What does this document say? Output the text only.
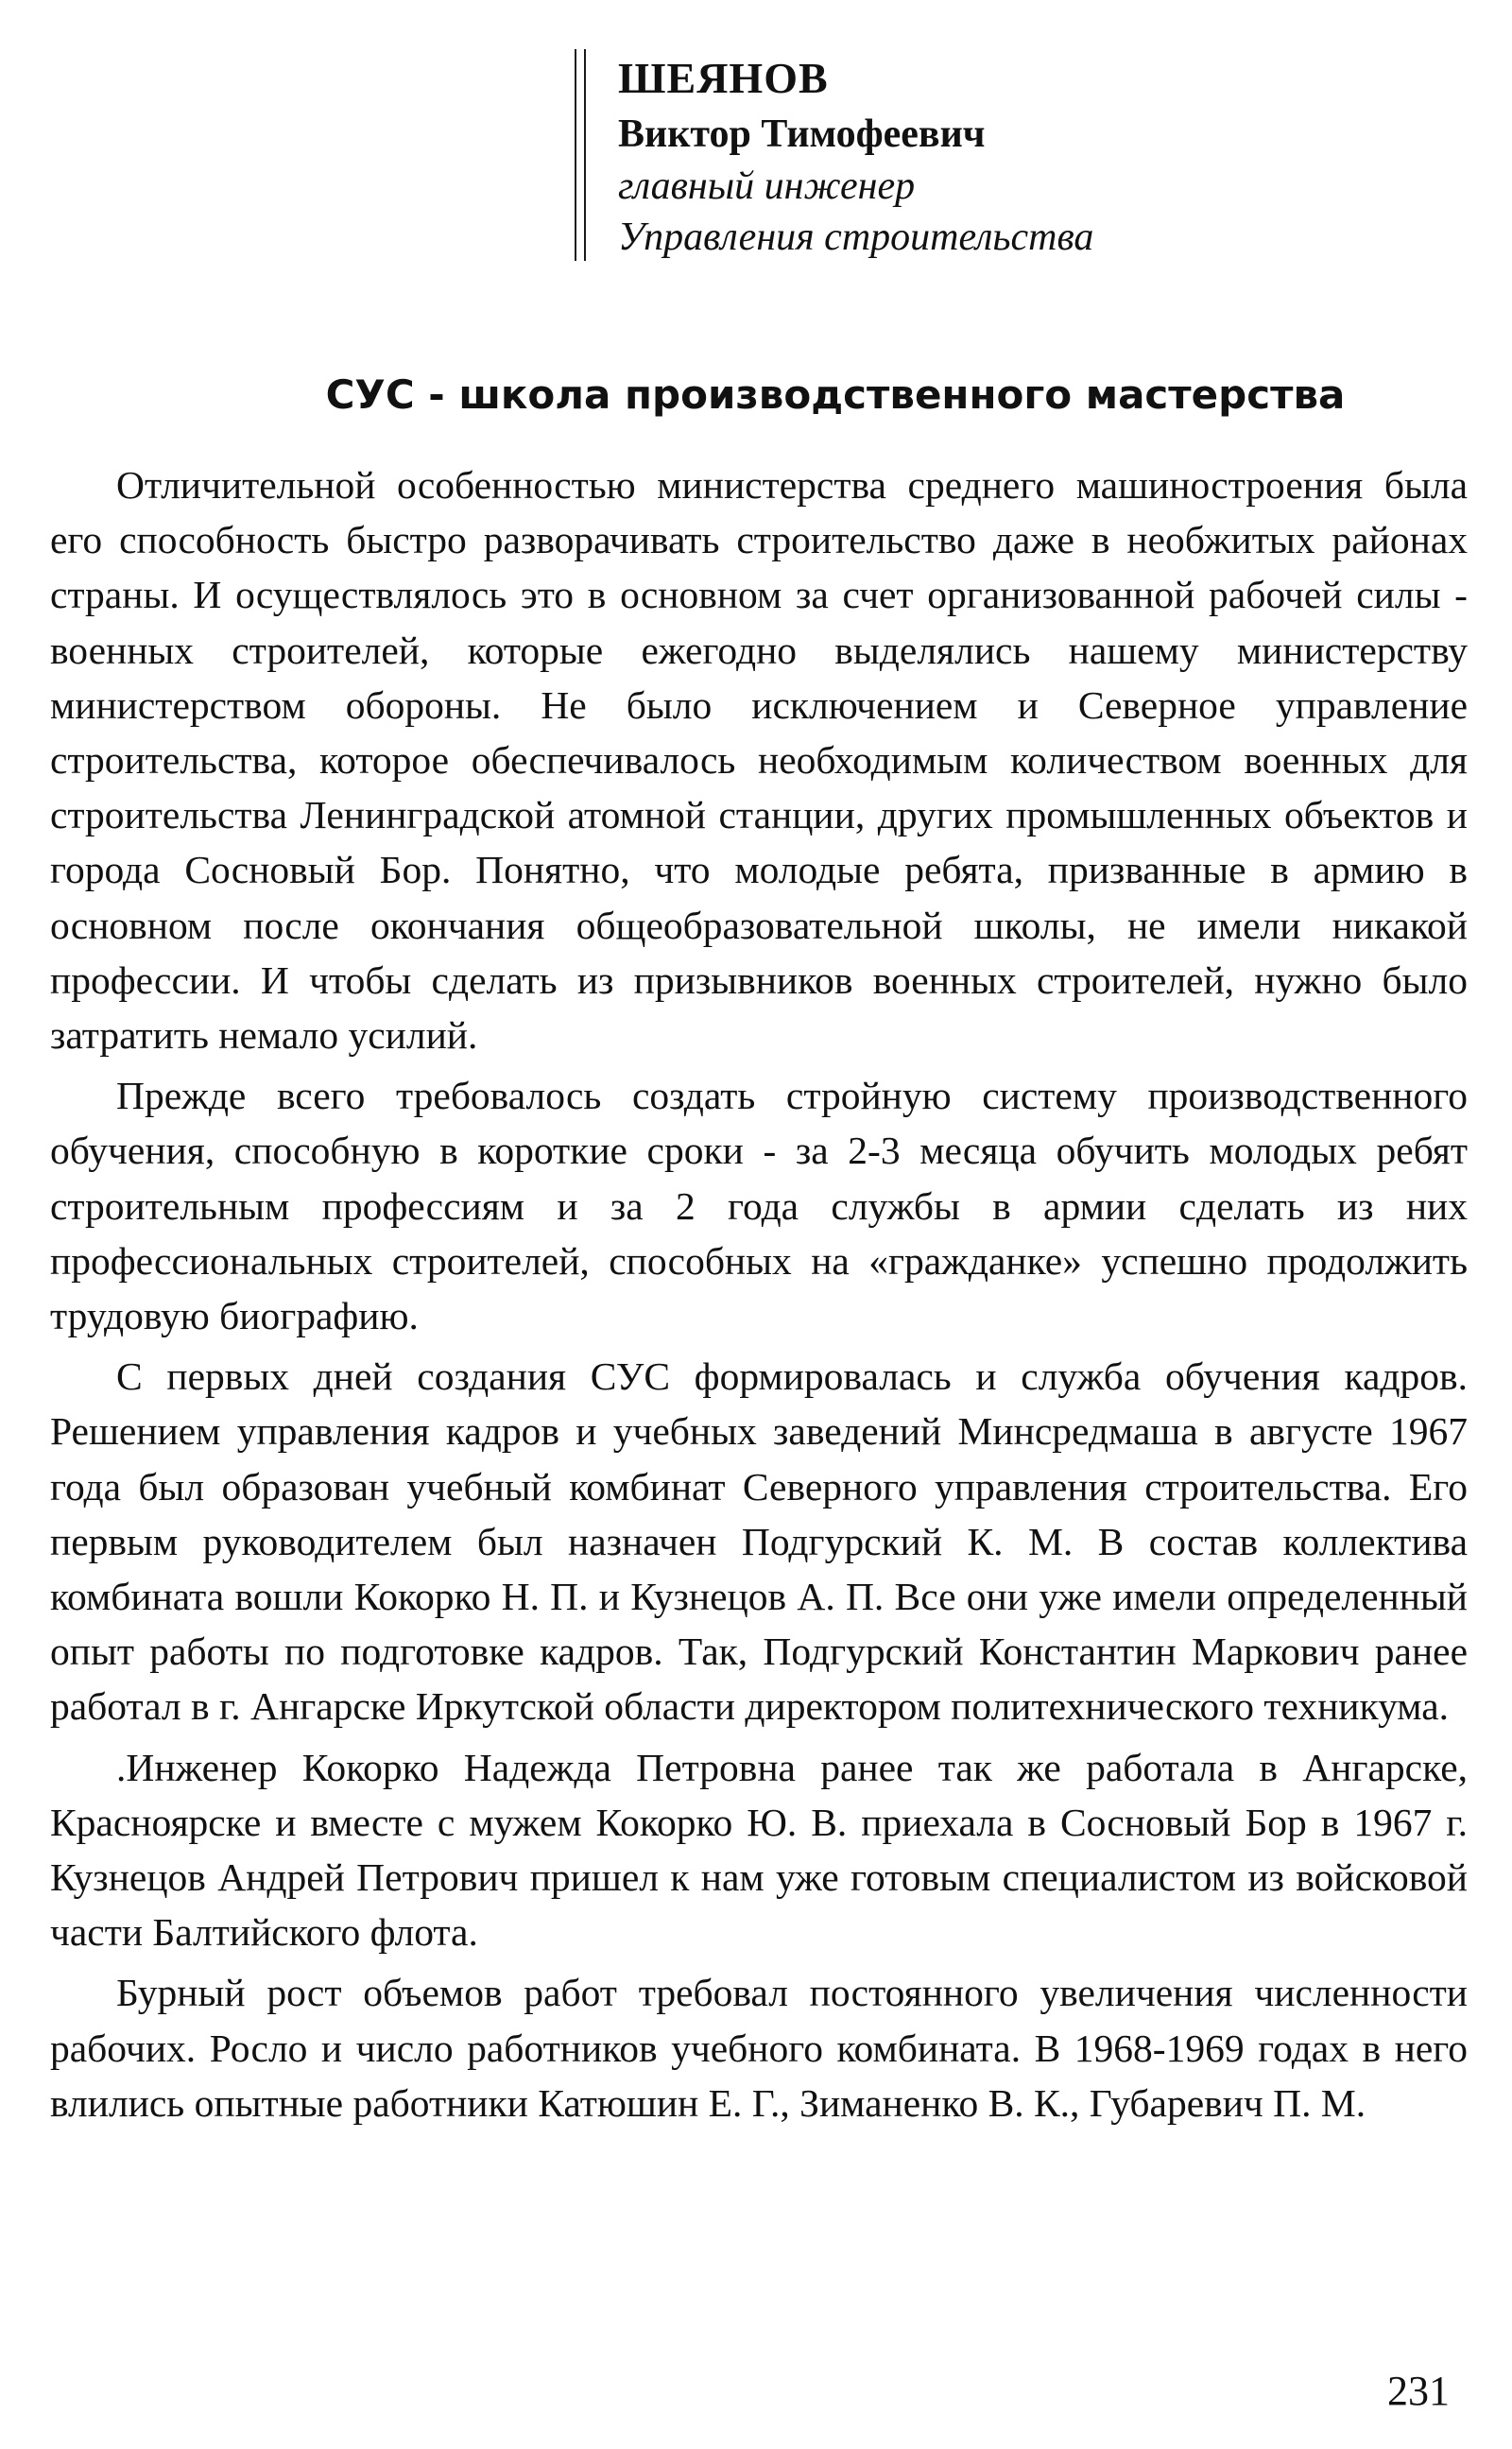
ШЕЯНОВ
Виктор Тимофеевич
главный инженер
Управления строительства
СУС - школа производственного мастерства

Отличительной особенностью министерства среднего машиностроения была его способность быстро разворачивать строительство даже в необжитых районах страны. И осуществлялось это в основном за счет организованной рабочей силы - военных строителей, которые ежегодно выделялись нашему министерству министерством обороны. Не было исключением и Северное управление строительства, которое обеспечивалось необходимым количеством военных для строительства Ленинградской атомной станции, других промышленных объектов и города Сосновый Бор. Понятно, что молодые ребята, призванные в армию в основном после окончания общеобразовательной школы, не имели никакой профессии. И чтобы сделать из призывников военных строителей, нужно было затратить немало усилий.

Прежде всего требовалось создать стройную систему производственного обучения, способную в короткие сроки - за 2-3 месяца обучить молодых ребят строительным профессиям и за 2 года службы в армии сделать из них профессиональных строителей, способных на «гражданке» успешно продолжить трудовую биографию.

С первых дней создания СУС формировалась и служба обучения кадров. Решением управления кадров и учебных заведений Минсредмаша в августе 1967 года был образован учебный комбинат Северного управления строительства. Его первым руководителем был назначен Подгурский К. М. В состав коллектива комбината вошли Кокорко Н. П. и Кузнецов А. П. Все они уже имели определенный опыт работы по подготовке кадров. Так, Подгурский Константин Маркович ранее работал в г. Ангарске Иркутской области директором политехнического техникума.

.Инженер Кокорко Надежда Петровна ранее так же работала в Ангарске, Красноярске и вместе с мужем Кокорко Ю. В. приехала в Сосновый Бор в 1967 г. Кузнецов Андрей Петрович пришел к нам уже готовым специалистом из войсковой части Балтийского флота.

Бурный рост объемов работ требовал постоянного увеличения численности рабочих. Росло и число работников учебного комбината. В 1968-1969 годах в него влились опытные работники Катюшин Е. Г., Зиманенко В. К., Губаревич П. М.

231
